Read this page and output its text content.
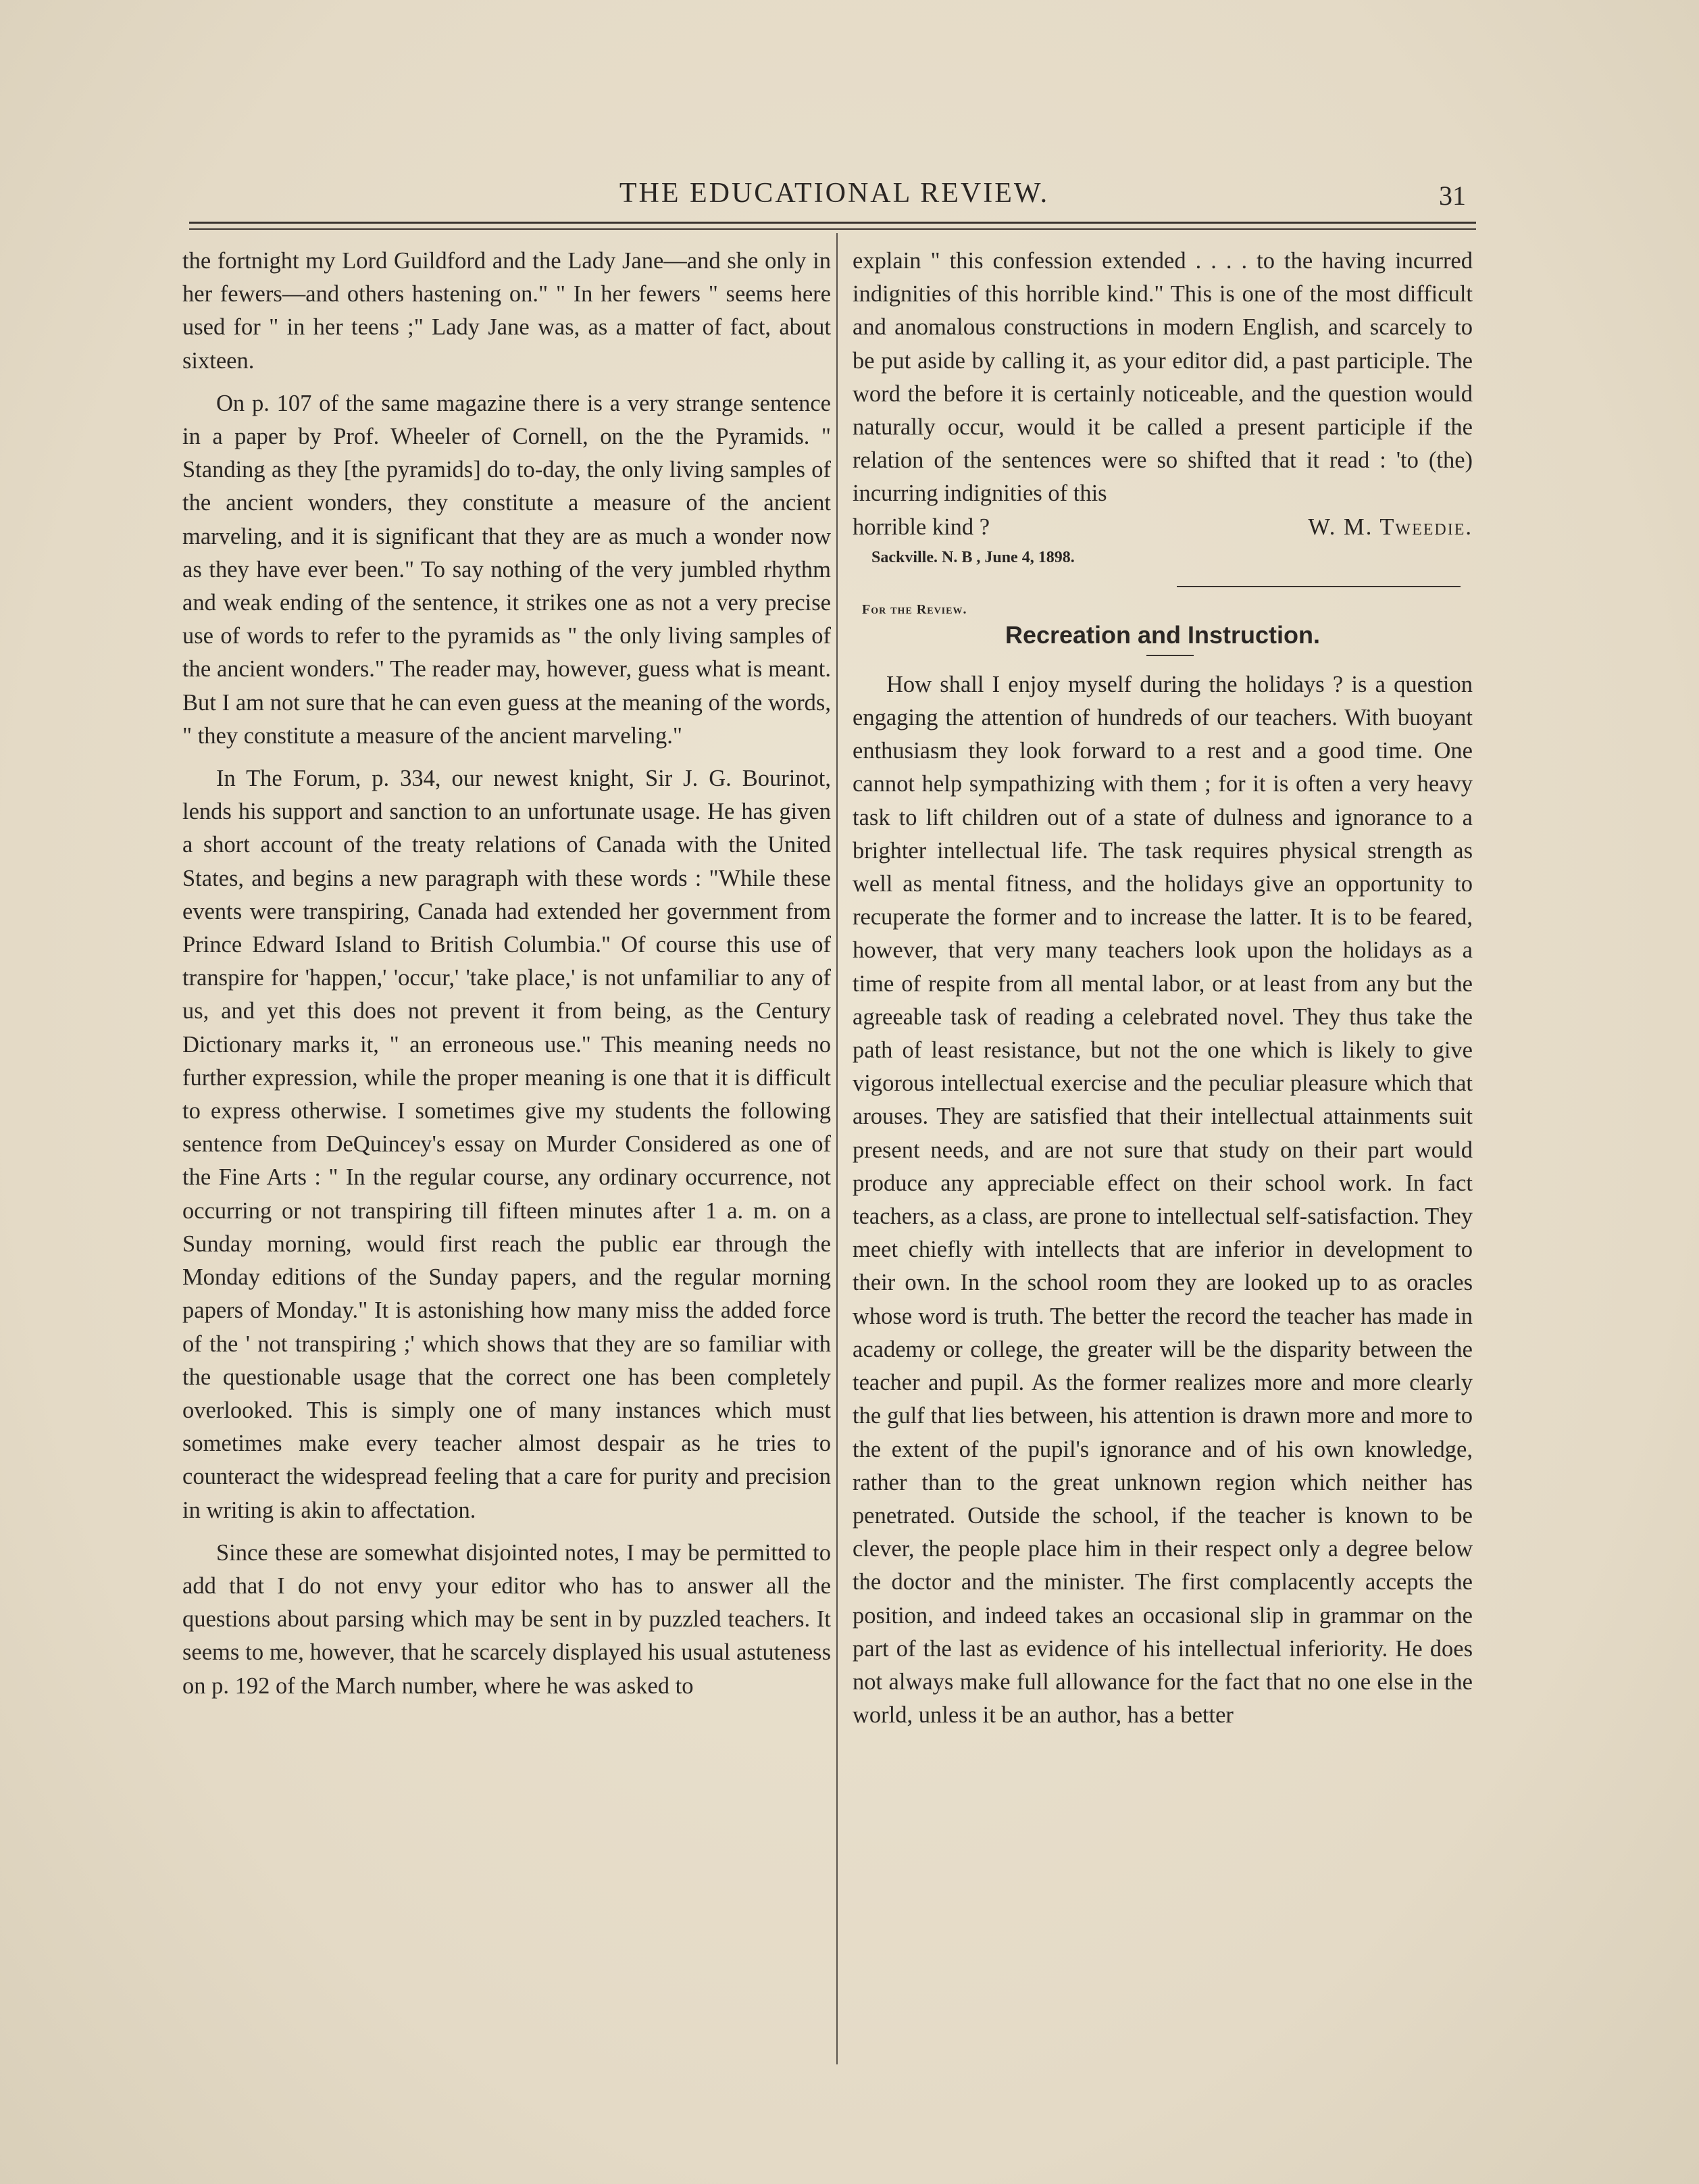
THE EDUCATIONAL REVIEW.	31

the fortnight my Lord Guildford and the Lady Jane—and she only in her fewers—and others hastening on." " In her fewers " seems here used for " in her teens ;" Lady Jane was, as a matter of fact, about sixteen.

On p. 107 of the same magazine there is a very strange sentence in a paper by Prof. Wheeler of Cornell, on the the Pyramids. " Standing as they [the pyramids] do to-day, the only living samples of the ancient wonders, they constitute a measure of the ancient marveling, and it is significant that they are as much a wonder now as they have ever been." To say nothing of the very jumbled rhythm and weak ending of the sentence, it strikes one as not a very precise use of words to refer to the pyramids as " the only living samples of the ancient wonders." The reader may, however, guess what is meant. But I am not sure that he can even guess at the meaning of the words, " they constitute a measure of the ancient marveling."

In The Forum, p. 334, our newest knight, Sir J. G. Bourinot, lends his support and sanction to an unfortunate usage. He has given a short account of the treaty relations of Canada with the United States, and begins a new paragraph with these words : "While these events were transpiring, Canada had extended her government from Prince Edward Island to British Columbia." Of course this use of transpire for 'happen,' 'occur,' 'take place,' is not unfamiliar to any of us, and yet this does not prevent it from being, as the Century Dictionary marks it, " an erroneous use." This meaning needs no further expression, while the proper meaning is one that it is difficult to express otherwise. I sometimes give my students the following sentence from DeQuincey's essay on Murder Considered as one of the Fine Arts : " In the regular course, any ordinary occurrence, not occurring or not transpiring till fifteen minutes after 1 a. m. on a Sunday morning, would first reach the public ear through the Monday editions of the Sunday papers, and the regular morning papers of Monday." It is astonishing how many miss the added force of the ' not transpiring ;' which shows that they are so familiar with the questionable usage that the correct one has been completely overlooked. This is simply one of many instances which must sometimes make every teacher almost despair as he tries to counteract the widespread feeling that a care for purity and precision in writing is akin to affectation.

Since these are somewhat disjointed notes, I may be permitted to add that I do not envy your editor who has to answer all the questions about parsing which may be sent in by puzzled teachers. It seems to me, however, that he scarcely displayed his usual astuteness on p. 192 of the March number, where he was asked to

explain " this confession extended . . . . to the having incurred indignities of this horrible kind." This is one of the most difficult and anomalous constructions in modern English, and scarcely to be put aside by calling it, as your editor did, a past participle. The word the before it is certainly noticeable, and the question would naturally occur, would it be called a present participle if the relation of the sentences were so shifted that it read : 'to (the) incurring indignities of this

horrible kind ?	W. M. Tweedie.
Sackville. N. B , June 4, 1898.
For the Review.
Recreation and Instruction.

How shall I enjoy myself during the holidays ? is a question engaging the attention of hundreds of our teachers. With buoyant enthusiasm they look forward to a rest and a good time. One cannot help sympathizing with them ; for it is often a very heavy task to lift children out of a state of dulness and ignorance to a brighter intellectual life. The task requires physical strength as well as mental fitness, and the holidays give an opportunity to recuperate the former and to increase the latter. It is to be feared, however, that very many teachers look upon the holidays as a time of respite from all mental labor, or at least from any but the agreeable task of reading a celebrated novel. They thus take the path of least resistance, but not the one which is likely to give vigorous intellectual exercise and the peculiar pleasure which that arouses. They are satisfied that their intellectual attainments suit present needs, and are not sure that study on their part would produce any appreciable effect on their school work. In fact teachers, as a class, are prone to intellectual self-satisfaction. They meet chiefly with intellects that are inferior in development to their own. In the school room they are looked up to as oracles whose word is truth. The better the record the teacher has made in academy or college, the greater will be the disparity between the teacher and pupil. As the former realizes more and more clearly the gulf that lies between, his attention is drawn more and more to the extent of the pupil's ignorance and of his own knowledge, rather than to the great unknown region which neither has penetrated. Outside the school, if the teacher is known to be clever, the people place him in their respect only a degree below the doctor and the minister. The first complacently accepts the position, and indeed takes an occasional slip in grammar on the part of the last as evidence of his intellectual inferiority. He does not always make full allowance for the fact that no one else in the world, unless it be an author, has a better
